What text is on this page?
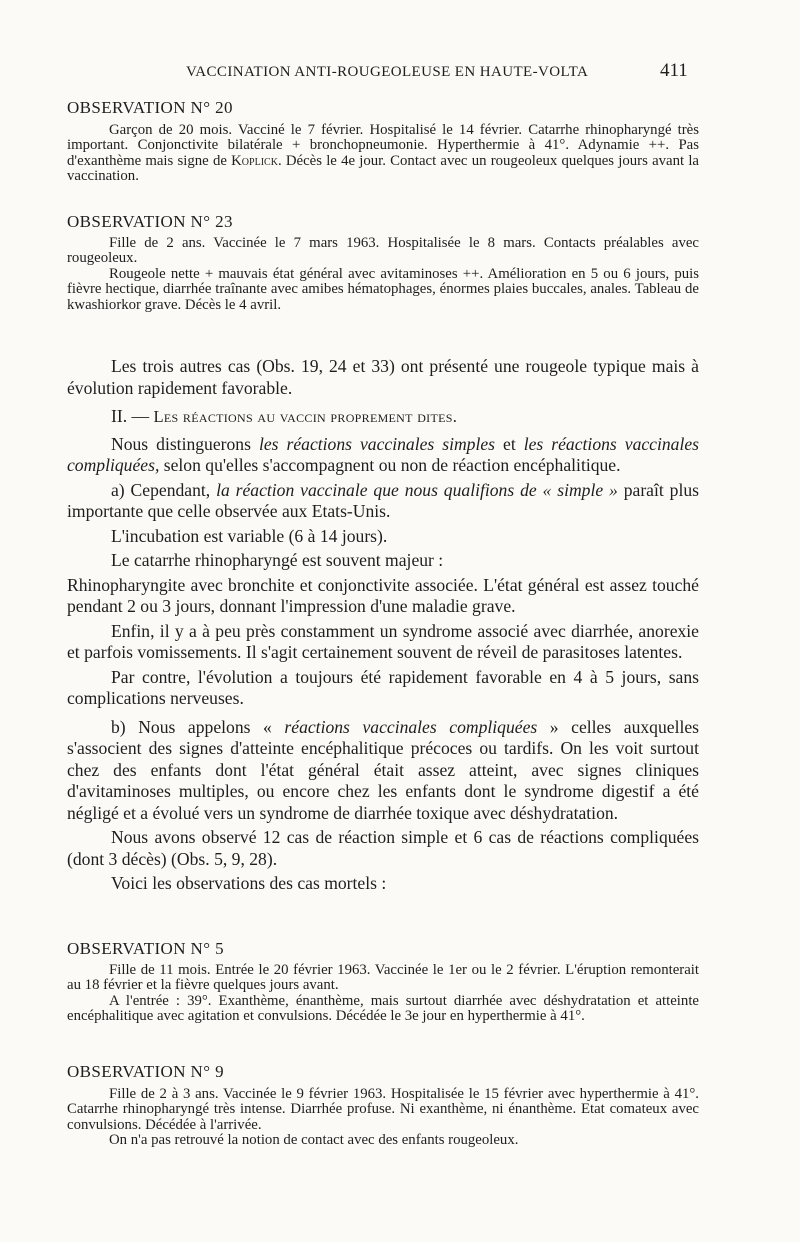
VACCINATION ANTI-ROUGEOLEUSE EN HAUTE-VOLTA	411
OBSERVATION N° 20

Garçon de 20 mois. Vacciné le 7 février. Hospitalisé le 14 février. Catarrhe rhinopharyngé très important. Conjonctivite bilatérale + bronchopneumonie. Hyperthermie à 41°. Adynamie ++. Pas d'exanthème mais signe de Koplick. Décès le 4e jour. Contact avec un rougeoleux quelques jours avant la vaccination.

OBSERVATION N° 23

Fille de 2 ans. Vaccinée le 7 mars 1963. Hospitalisée le 8 mars. Contacts préalables avec rougeoleux.

Rougeole nette + mauvais état général avec avitaminoses ++. Amélioration en 5 ou 6 jours, puis fièvre hectique, diarrhée traînante avec amibes hématophages, énormes plaies buccales, anales. Tableau de kwashiorkor grave. Décès le 4 avril.

Les trois autres cas (Obs. 19, 24 et 33) ont présenté une rougeole typique mais à évolution rapidement favorable.

II. — Les réactions au vaccin proprement dites.

Nous distinguerons les réactions vaccinales simples et les réactions vaccinales compliquées, selon qu'elles s'accompagnent ou non de réaction encéphalitique.

a) Cependant, la réaction vaccinale que nous qualifions de « simple » paraît plus importante que celle observée aux Etats-Unis.

L'incubation est variable (6 à 14 jours).

Le catarrhe rhinopharyngé est souvent majeur :

Rhinopharyngite avec bronchite et conjonctivite associée. L'état général est assez touché pendant 2 ou 3 jours, donnant l'impression d'une maladie grave.

Enfin, il y a à peu près constamment un syndrome associé avec diarrhée, anorexie et parfois vomissements. Il s'agit certainement souvent de réveil de parasitoses latentes.

Par contre, l'évolution a toujours été rapidement favorable en 4 à 5 jours, sans complications nerveuses.

b) Nous appelons « réactions vaccinales compliquées » celles auxquelles s'associent des signes d'atteinte encéphalitique précoces ou tardifs. On les voit surtout chez des enfants dont l'état général était assez atteint, avec signes cliniques d'avitaminoses multiples, ou encore chez les enfants dont le syndrome digestif a été négligé et a évolué vers un syndrome de diarrhée toxique avec déshydratation.

Nous avons observé 12 cas de réaction simple et 6 cas de réactions compliquées (dont 3 décès) (Obs. 5, 9, 28).

Voici les observations des cas mortels :

OBSERVATION N° 5

Fille de 11 mois. Entrée le 20 février 1963. Vaccinée le 1er ou le 2 février. L'éruption remonterait au 18 février et la fièvre quelques jours avant.

A l'entrée : 39°. Exanthème, énanthème, mais surtout diarrhée avec déshydratation et atteinte encéphalitique avec agitation et convulsions. Décédée le 3e jour en hyperthermie à 41°.

OBSERVATION N° 9

Fille de 2 à 3 ans. Vaccinée le 9 février 1963. Hospitalisée le 15 février avec hyperthermie à 41°. Catarrhe rhinopharyngé très intense. Diarrhée profuse. Ni exanthème, ni énanthème. Etat comateux avec convulsions. Décédée à l'arrivée.

On n'a pas retrouvé la notion de contact avec des enfants rougeoleux.
